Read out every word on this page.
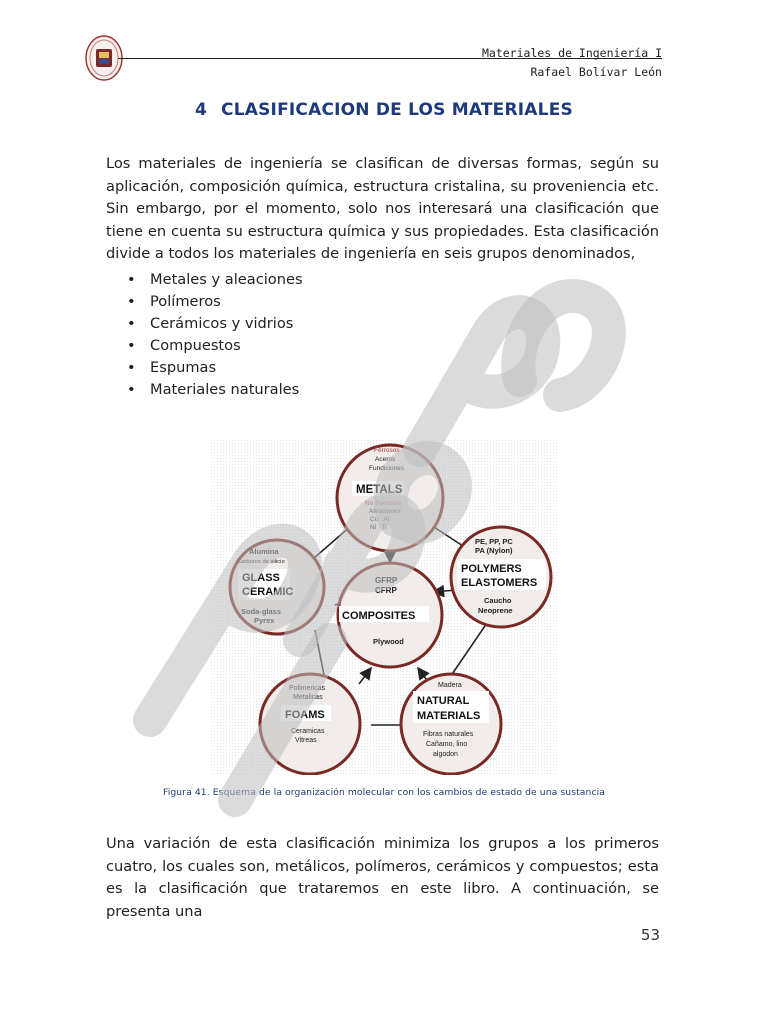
Materiales de Ingeniería I
Rafael Bolívar León
4 CLASIFICACION DE LOS MATERIALES
Los materiales de ingeniería se clasifican de diversas formas, según su aplicación, composición química, estructura cristalina, su proveniencia etc. Sin embargo, por el momento, solo nos interesará una clasificación que tiene en cuenta su estructura química y sus propiedades. Esta clasificación divide a todos los materiales de ingeniería en seis grupos denominados,
• Metales y aleaciones
• Polímeros
• Cerámicos y vidrios
• Compuestos
• Espumas
• Materiales naturales
Ferrosos
Aceros
Fundiciones
METALS
No Ferrosos
Aleaciones
Cu   Al
Ni   Ti
PE, PP, PC
PA (Nylon)
POLYMERS
ELASTOMERS
Caucho
Neoprene
Alumina
Carburos de silicio
GLASS
CERAMIC
Soda-glass
Pyrex
GFRP
CFRP
COMPOSITES
Plywood
Polimericas
Metalicas
FOAMS
Ceramicas
Vitreas
Madera
NATURAL
MATERIALS
Fibras naturales
Cañamo, lino
algodon
Figura 41. Esquema de la organización molecular con los cambios de estado de una sustancia
Una variación de esta clasificación minimiza los grupos a los primeros cuatro, los cuales son, metálicos, polímeros, cerámicos y compuestos; esta es la clasificación que trataremos en este libro. A continuación, se presenta una
53
